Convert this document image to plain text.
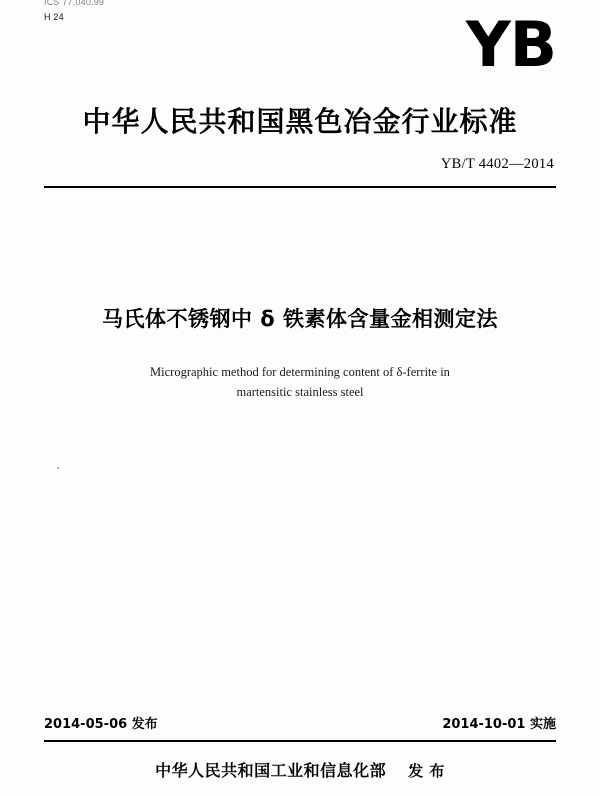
ICS 77.040.99
H 24	YB
中华人民共和国黑色冶金行业标准
YB/T 4402—2014
马氏体不锈钢中 δ 铁素体含量金相测定法
Micrographic method for determining content of δ-ferrite in
martensitic stainless steel
2014-05-06 发布	2014-10-01 实施
中华人民共和国工业和信息化部 发 布
